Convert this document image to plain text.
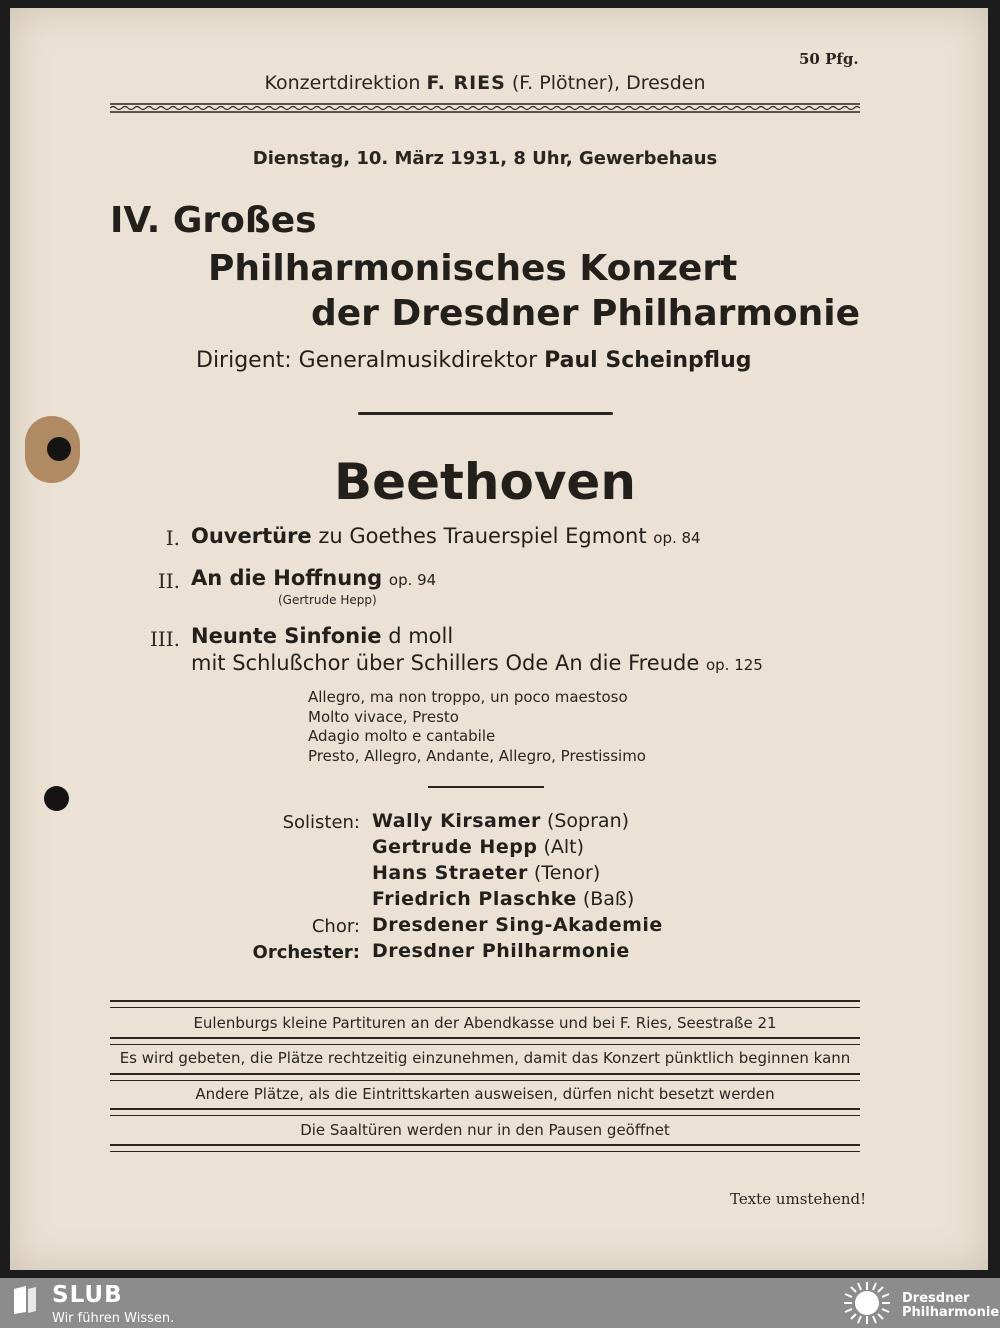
50 Pfg.
Konzertdirektion F. RIES (F. Plötner), Dresden
Dienstag, 10. März 1931, 8 Uhr, Gewerbehaus
IV. Großes
Philharmonisches Konzert
der Dresdner Philharmonie
Dirigent: Generalmusikdirektor Paul Scheinpflug
Beethoven
I. Ouvertüre zu Goethes Trauerspiel Egmont op. 84
II. An die Hoffnung op. 94
(Gertrude Hepp)
III. Neunte Sinfonie d moll
mit Schlußchor über Schillers Ode An die Freude op. 125
Allegro, ma non troppo, un poco maestoso
Molto vivace, Presto
Adagio molto e cantabile
Presto, Allegro, Andante, Allegro, Prestissimo
Solisten: Wally Kirsamer (Sopran)
Gertrude Hepp (Alt)
Hans Straeter (Tenor)
Friedrich Plaschke (Baß)
Chor: Dresdener Sing-Akademie
Orchester: Dresdner Philharmonie
Eulenburgs kleine Partituren an der Abendkasse und bei F. Ries, Seestraße 21
Es wird gebeten, die Plätze rechtzeitig einzunehmen, damit das Konzert pünktlich beginnen kann
Andere Plätze, als die Eintrittskarten ausweisen, dürfen nicht besetzt werden
Die Saaltüren werden nur in den Pausen geöffnet
Texte umstehend!
SLUB
Wir führen Wissen.
Dresdner
Philharmonie
